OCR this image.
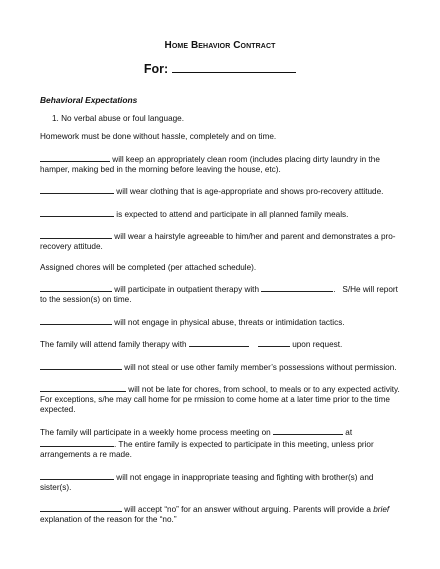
Home Behavior Contract
For:

Behavioral Expectations

1. No verbal abuse or foul language.

Homework must be done without hassle, completely and on time.

will keep an appropriately clean room (includes placing dirty laundry in the hamper, making bed in the morning before leaving the house, etc).

will wear clothing that is age-appropriate and shows pro-recovery attitude.

is expected to attend and participate in all planned family meals.

will wear a hairstyle agreeable to him/her and parent and demonstrates a pro-recovery attitude.

Assigned chores will be completed (per attached schedule).

will participate in outpatient therapy with	.   S/He will report to the session(s) on time.

will not engage in physical abuse, threats or intimidation tactics.

The family will attend family therapy with	upon request.

will not steal or use other family member’s possessions without permission.

will not be late for chores, from school, to meals or to any expected activity. For exceptions, s/he may call home for pe rmission to come home at a later time prior to the time expected.

The family will participate in a weekly home process meeting on	at . The entire family is expected to participate in this meeting, unless prior arrangements a re made.

will not engage in inappropriate teasing and fighting with brother(s) and sister(s).

will accept “no” for an answer without arguing. Parents will provide a brief explanation of the reason for the “no.”
